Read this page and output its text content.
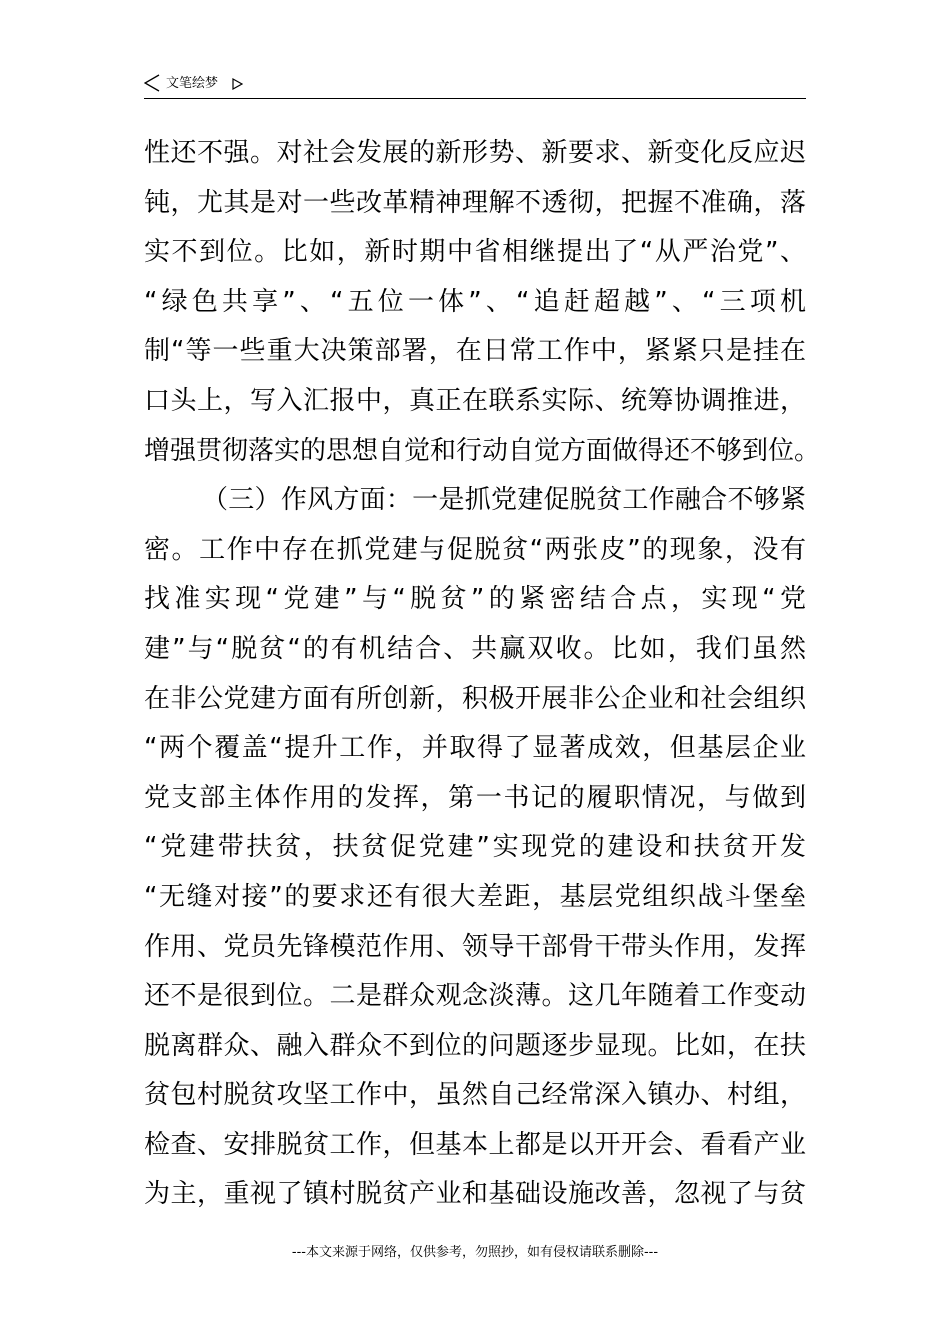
文笔绘梦
性还不强。对社会发展的新形势、新要求、新变化反应迟
钝，尤其是对一些改革精神理解不透彻，把握不准确，落
实不到位。比如，新时期中省相继提出了“从严治党”、
“绿色共享”、“五位一体”、“追赶超越”、“三项机
制“等一些重大决策部署，在日常工作中，紧紧只是挂在
口头上，写入汇报中，真正在联系实际、统筹协调推进，
增强贯彻落实的思想自觉和行动自觉方面做得还不够到位。
（三）作风方面：一是抓党建促脱贫工作融合不够紧
密。工作中存在抓党建与促脱贫“两张皮”的现象，没有
找准实现“党建”与“脱贫”的紧密结合点，实现“党
建”与“脱贫“的有机结合、共赢双收。比如，我们虽然
在非公党建方面有所创新，积极开展非公企业和社会组织
“两个覆盖“提升工作，并取得了显著成效，但基层企业
党支部主体作用的发挥，第一书记的履职情况，与做到
“党建带扶贫，扶贫促党建”实现党的建设和扶贫开发
“无缝对接”的要求还有很大差距，基层党组织战斗堡垒
作用、党员先锋模范作用、领导干部骨干带头作用，发挥
还不是很到位。二是群众观念淡薄。这几年随着工作变动
脱离群众、融入群众不到位的问题逐步显现。比如，在扶
贫包村脱贫攻坚工作中，虽然自己经常深入镇办、村组，
检查、安排脱贫工作，但基本上都是以开开会、看看产业
为主，重视了镇村脱贫产业和基础设施改善，忽视了与贫
---本文来源于网络，仅供参考，勿照抄，如有侵权请联系删除---
